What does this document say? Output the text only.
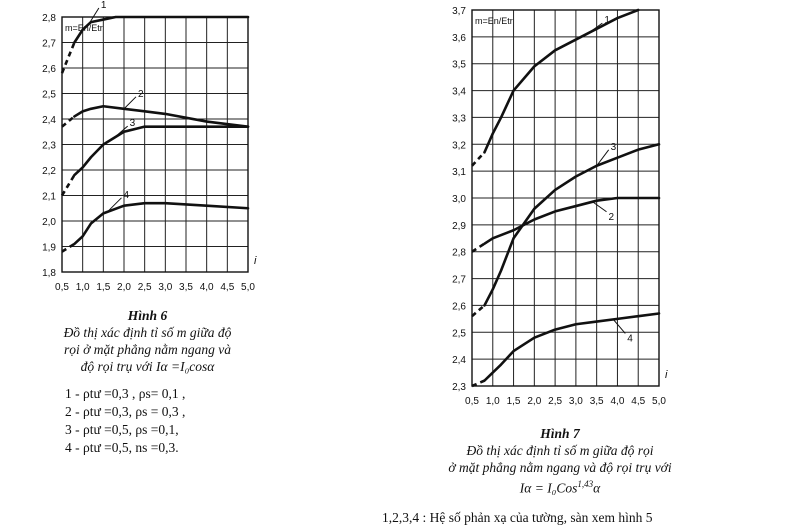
0,5 1,0 1,5 2,0 2,5 3,0 3,5 4,0 4,5 5,0
1,8
1,9
2,0
2,1
2,2
2,3
2,4
2,5
2,6
2,7
2,8
m=En/Etr
i
1
2
3
4
0,5 1,0 1,5 2,0 2,5 3,0 3,5 4,0 4,5 5,0
2,3
2,4
2,5
2,6
2,7
2,8
2,9
3,0
3,1
3,2
3,3
3,4
3,5
3,6
3,7
m=En/Etr
i
1
2
3
4
Hình 6
Đồ thị xác định tỉ số m giữa độ
rọi ở mặt phẳng nằm ngang và
độ rọi trụ với Iα =I₀cosα
1 - ρtư =0,3 , ρs= 0,1 ,
2 - ρtư =0,3, ρs = 0,3 ,
3 - ρtư =0,5, ρs =0,1,
4 - ρtư =0,5, ns =0,3.
Hình 7
Đồ thị xác định tỉ số m giữa độ rọi
ở mặt phẳng nằm ngang và độ rọi trụ với
Iα = I₀Cos$^{1,43}$α
1,2,3,4 : Hệ số phản xạ của tường, sàn xem hình 5
